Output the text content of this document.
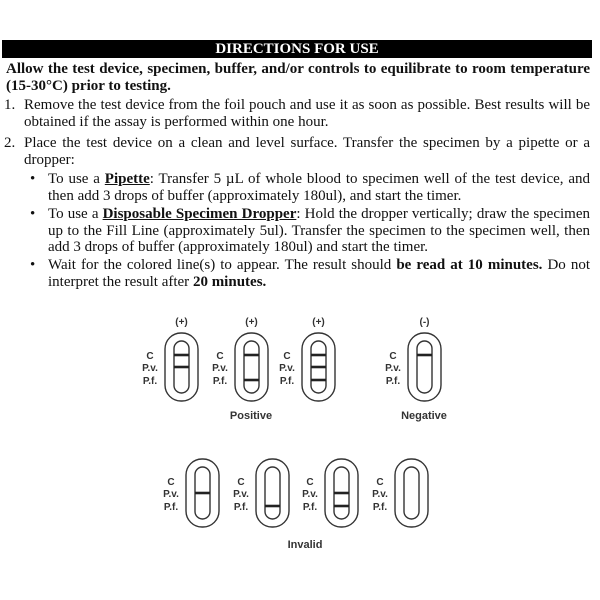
DIRECTIONS FOR USE
Allow the test device, specimen, buffer, and/or controls to equilibrate to room temperature (15-30°C) prior to testing.
1. Remove the test device from the foil pouch and use it as soon as possible. Best results will be obtained if the assay is performed within one hour.
2. Place the test device on a clean and level surface. Transfer the specimen by a pipette or a dropper:
• To use a Pipette: Transfer 5 µL of whole blood to specimen well of the test device, and then add 3 drops of buffer (approximately 180ul), and start the timer.
• To use a Disposable Specimen Dropper: Hold the dropper vertically; draw the specimen up to the Fill Line (approximately 5ul). Transfer the specimen to the specimen well, then add 3 drops of buffer (approximately 180ul) and start the timer.
• Wait for the colored line(s) to appear. The result should be read at 10 minutes. Do not interpret the result after 20 minutes.
(+)
C
P.v.
P.f.
(+)
C
P.v.
P.f.
(+)
C
P.v.
P.f.
Positive
(-)
C
P.v.
P.f.
Negative
C
P.v.
P.f.
C
P.v.
P.f.
C
P.v.
P.f.
C
P.v.
P.f.
Invalid
